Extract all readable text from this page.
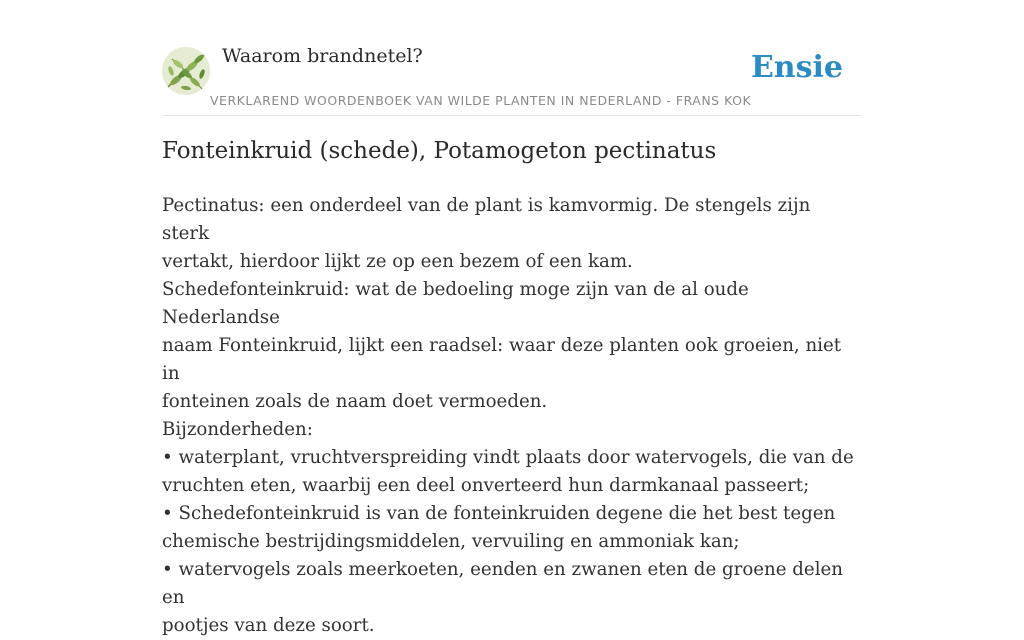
Waarom brandnetel?
VERKLAREND WOORDENBOEK VAN WILDE PLANTEN IN NEDERLAND - FRANS KOK
Ensie
Fonteinkruid (schede), Potamogeton pectinatus

Pectinatus: een onderdeel van de plant is kamvormig. De stengels zijn sterk

vertakt, hierdoor lijkt ze op een bezem of een kam.

Schedefonteinkruid: wat de bedoeling moge zijn van de al oude Nederlandse

naam Fonteinkruid, lijkt een raadsel: waar deze planten ook groeien, niet in

fonteinen zoals de naam doet vermoeden.

Bijzonderheden:

• waterplant, vruchtverspreiding vindt plaats door watervogels, die van de

vruchten eten, waarbij een deel onverteerd hun darmkanaal passeert;

• Schedefonteinkruid is van de fonteinkruiden degene die het best tegen

chemische bestrijdingsmiddelen, vervuiling en ammoniak kan;

• watervogels zoals meerkoeten, eenden en zwanen eten de groene delen en

pootjes van deze soort.
